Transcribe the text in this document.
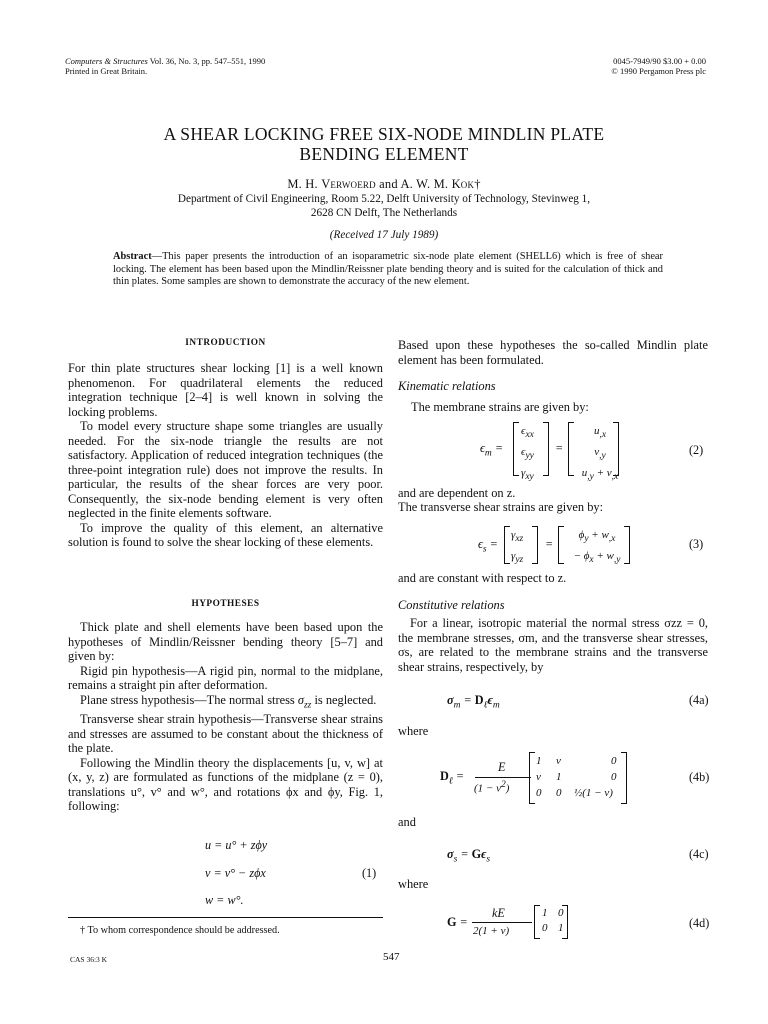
Computers & Structures Vol. 36, No. 3, pp. 547–551, 1990
Printed in Great Britain.
0045-7949/90 $3.00 + 0.00
© 1990 Pergamon Press plc
A SHEAR LOCKING FREE SIX-NODE MINDLIN PLATE
BENDING ELEMENT
M. H. Verwoerd and A. W. M. Kok†
Department of Civil Engineering, Room 5.22, Delft University of Technology, Stevinweg 1,
2628 CN Delft, The Netherlands
(Received 17 July 1989)
Abstract—This paper presents the introduction of an isoparametric six-node plate element (SHELL6) which is free of shear locking. The element has been based upon the Mindlin/Reissner plate bending theory and is suited for the calculation of thick and thin plates. Some samples are shown to demonstrate the accuracy of the new element.
INTRODUCTION
For thin plate structures shear locking [1] is a well known phenomenon. For quadrilateral elements the reduced integration technique [2–4] is well known in solving the locking problems.
To model every structure shape some triangles are usually needed. For the six-node triangle the results are not satisfactory. Application of reduced integration techniques (the three-point integration rule) does not improve the results. In particular, the results of the shear forces are very poor. Consequently, the six-node bending element is very often neglected in the finite elements software.
To improve the quality of this element, an alternative solution is found to solve the shear locking of these elements.
HYPOTHESES
Thick plate and shell elements have been based upon the hypotheses of Mindlin/Reissner bending theory [5–7] and given by:
Rigid pin hypothesis—A rigid pin, normal to the midplane, remains a straight pin after deformation.
Plane stress hypothesis—The normal stress $\sigma_{zz}$ is neglected.
Transverse shear strain hypothesis—Transverse shear strains and stresses are assumed to be constant about the thickness of the plate.
Following the Mindlin theory the displacements [u, v, w] at (x, y, z) are formulated as functions of the midplane (z = 0), translations u°, v° and w°, and rotations ϕx and ϕy, Fig. 1, following:
u = u° + zϕy
v = v° − zϕx
w = w°.
(1)
† To whom correspondence should be addressed.
Based upon these hypotheses the so-called Mindlin plate element has been formulated.
Kinematic relations
The membrane strains are given by:
$\epsilon_m$ =
$\epsilon_{xx}$
$\epsilon_{yy}$
$\gamma_{xy}$
=
$u_{,x}$
$v_{,y}$
$u_{,y} + v_{,x}$
(2)
and are dependent on z.
The transverse shear strains are given by:
$\epsilon_s$ =
$\gamma_{xz}$
$\gamma_{yz}$
=
$\phi_y + w_{,x}$
− $\phi_x + w_{,y}$
(3)
and are constant with respect to z.
Constitutive relations
For a linear, isotropic material the normal stress σzz = 0, the membrane stresses, σm, and the transverse shear stresses, σs, are related to the membrane strains and the transverse shear strains, respectively, by
$\sigma_m = D_\ell\epsilon_m$	(4a)
where
$D_\ell$ =
E
$(1 - v^2)$
1 v	0
v 1	0
0 0 ½(1 − v)
(4b)
and
$\sigma_s = G\epsilon_s$	(4c)
where
G =
kE
2(1 + v)
1 0
0 1	(4d)
CAS 36:3 K	547
